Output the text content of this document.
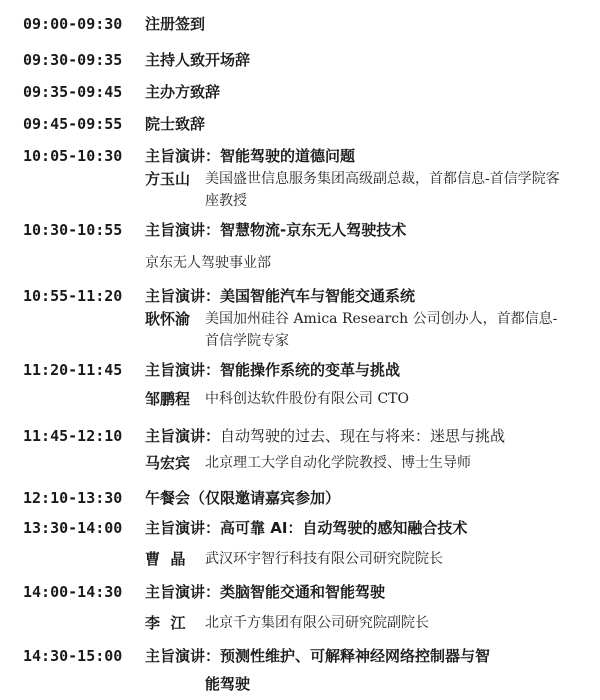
09:00-09:30 注册签到
09:30-09:35 主持人致开场辞
09:35-09:45 主办方致辞
09:45-09:55 院士致辞
10:05-10:30 主旨演讲：智能驾驶的道德问题
方玉山 美国盛世信息服务集团高级副总裁，首都信息-首信学院客座教授
10:30-10:55 主旨演讲：智慧物流-京东无人驾驶技术
京东无人驾驶事业部
10:55-11:20 主旨演讲：美国智能汽车与智能交通系统
耿怀渝 美国加州硅谷 Amica Research 公司创办人，首都信息-首信学院专家
11:20-11:45 主旨演讲：智能操作系统的变革与挑战
邹鹏程 中科创达软件股份有限公司 CTO
11:45-12:10 主旨演讲：自动驾驶的过去、现在与将来：迷思与挑战
马宏宾 北京理工大学自动化学院教授、博士生导师
12:10-13:30 午餐会（仅限邀请嘉宾参加）
13:30-14:00 主旨演讲：高可靠 AI：自动驾驶的感知融合技术
曹  晶 武汉环宇智行科技有限公司研究院院长
14:00-14:30 主旨演讲：类脑智能交通和智能驾驶
李  江 北京千方集团有限公司研究院副院长
14:30-15:00 主旨演讲：预测性维护、可解释神经网络控制器与智
能驾驶
